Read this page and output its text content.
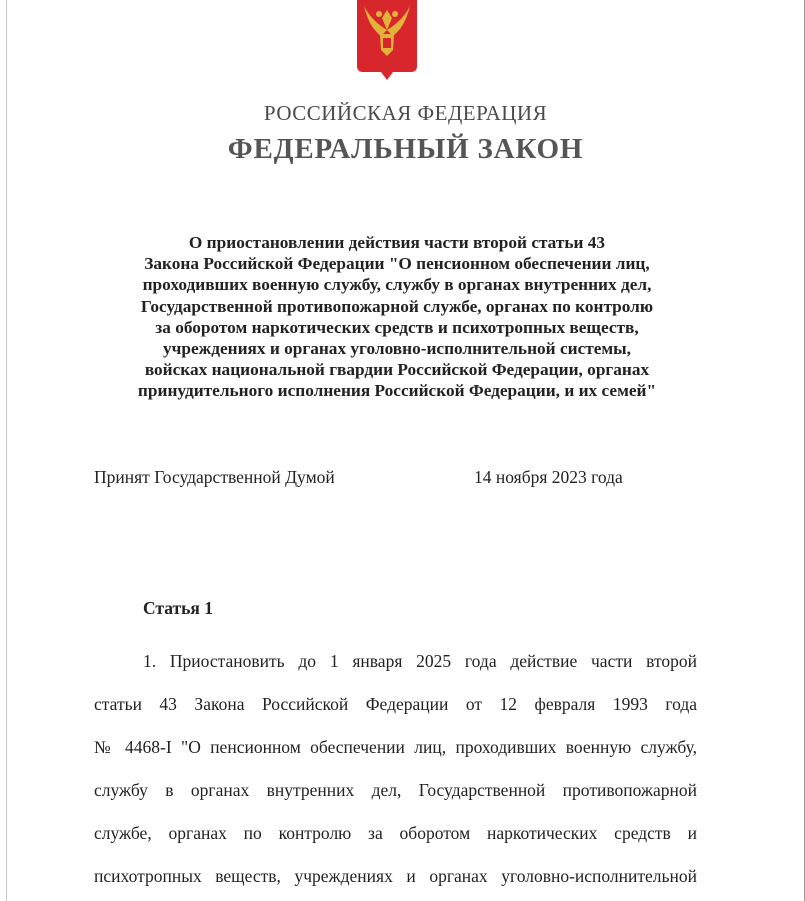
РОССИЙСКАЯ ФЕДЕРАЦИЯ
ФЕДЕРАЛЬНЫЙ ЗАКОН
О приостановлении действия части второй статьи 43
Закона Российской Федерации "О пенсионном обеспечении лиц,
проходивших военную службу, службу в органах внутренних дел,
Государственной противопожарной службе, органах по контролю
за оборотом наркотических средств и психотропных веществ,
учреждениях и органах уголовно-исполнительной системы,
войсках национальной гвардии Российской Федерации, органах
принудительного исполнения Российской Федерации, и их семей"
Принят Государственной Думой	14 ноября 2023 года
Статья 1
1. Приостановить до 1 января 2025 года действие части второй
статьи 43 Закона Российской Федерации от 12 февраля 1993 года
№ 4468-I "О пенсионном обеспечении лиц, проходивших военную службу,
службу в органах внутренних дел, Государственной противопожарной
службе, органах по контролю за оборотом наркотических средств и
психотропных веществ, учреждениях и органах уголовно-исполнительной
